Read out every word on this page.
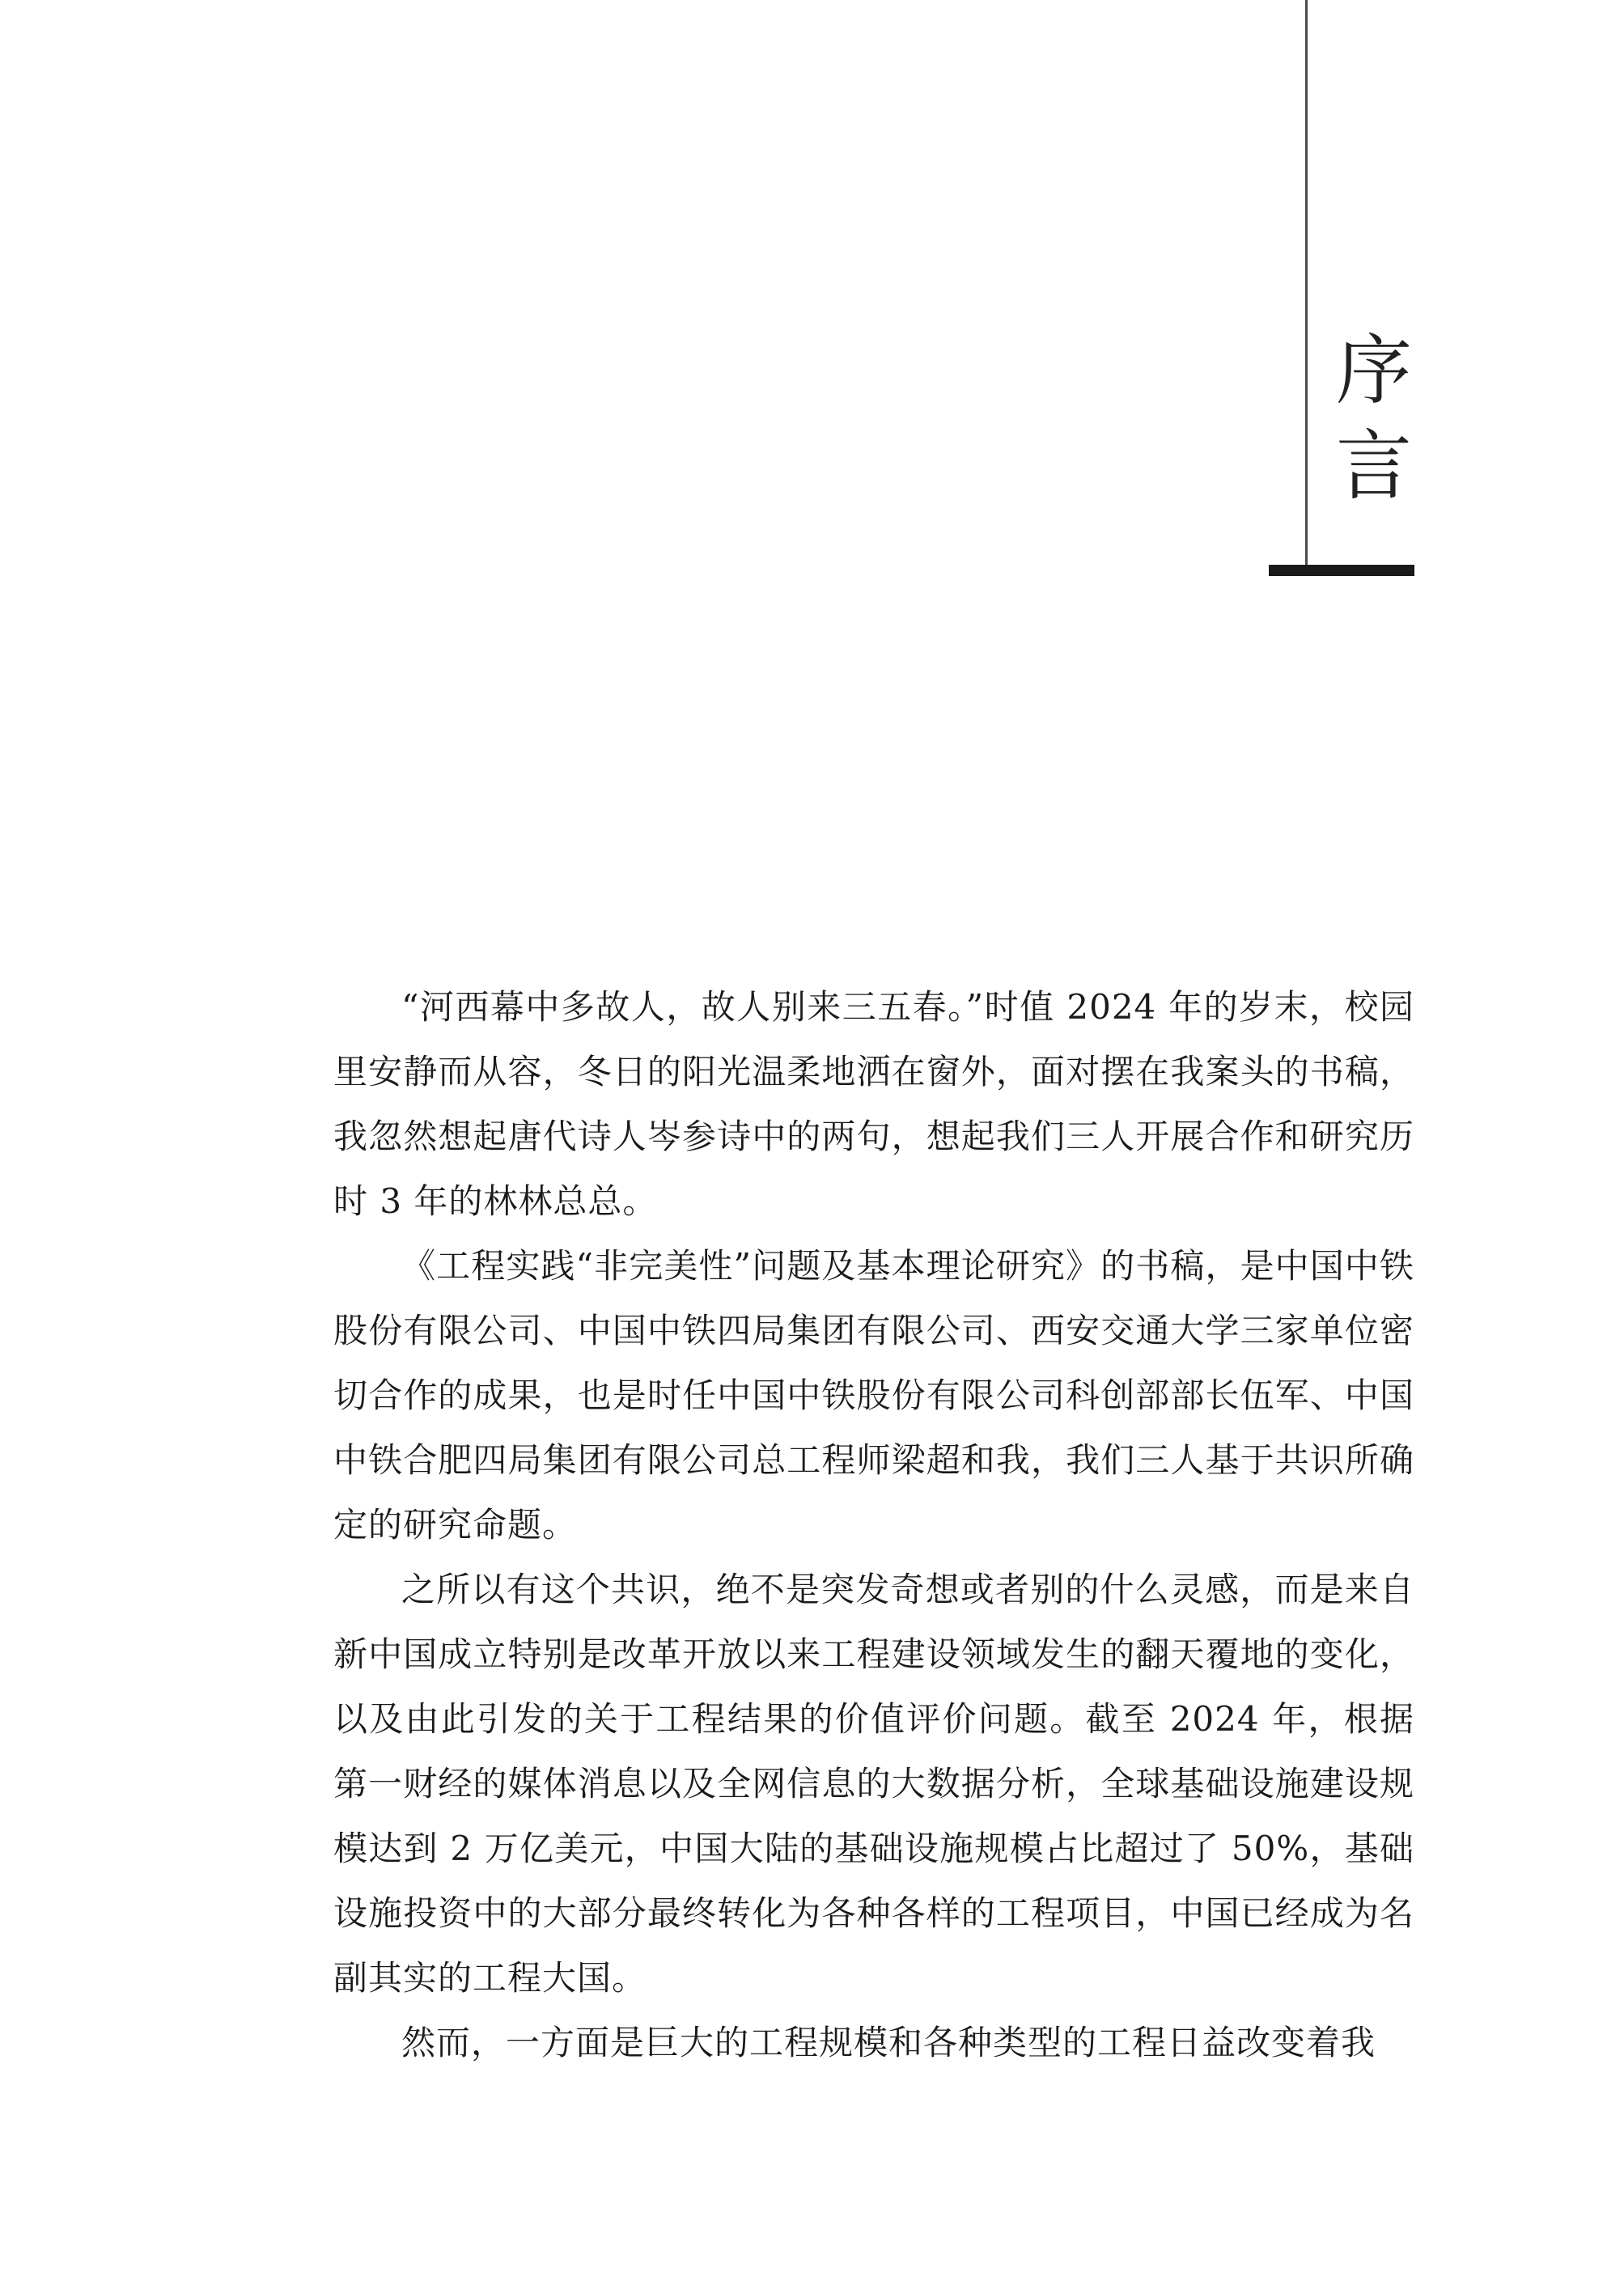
序
言

“河西幕中多故人，故人别来三五春。”时值 2024 年的岁末，校园里安静而从容，冬日的阳光温柔地洒在窗外，面对摆在我案头的书稿，我忽然想起唐代诗人岑参诗中的两句，想起我们三人开展合作和研究历时 3 年的林林总总。

《工程实践“非完美性”问题及基本理论研究》的书稿，是中国中铁股份有限公司、中国中铁四局集团有限公司、西安交通大学三家单位密切合作的成果，也是时任中国中铁股份有限公司科创部部长伍军、中国中铁合肥四局集团有限公司总工程师梁超和我，我们三人基于共识所确定的研究命题。

之所以有这个共识，绝不是突发奇想或者别的什么灵感，而是来自新中国成立特别是改革开放以来工程建设领域发生的翻天覆地的变化，以及由此引发的关于工程结果的价值评价问题。截至 2024 年，根据第一财经的媒体消息以及全网信息的大数据分析，全球基础设施建设规模达到 2 万亿美元，中国大陆的基础设施规模占比超过了 50%，基础设施投资中的大部分最终转化为各种各样的工程项目，中国已经成为名副其实的工程大国。

然而，一方面是巨大的工程规模和各种类型的工程日益改变着我
